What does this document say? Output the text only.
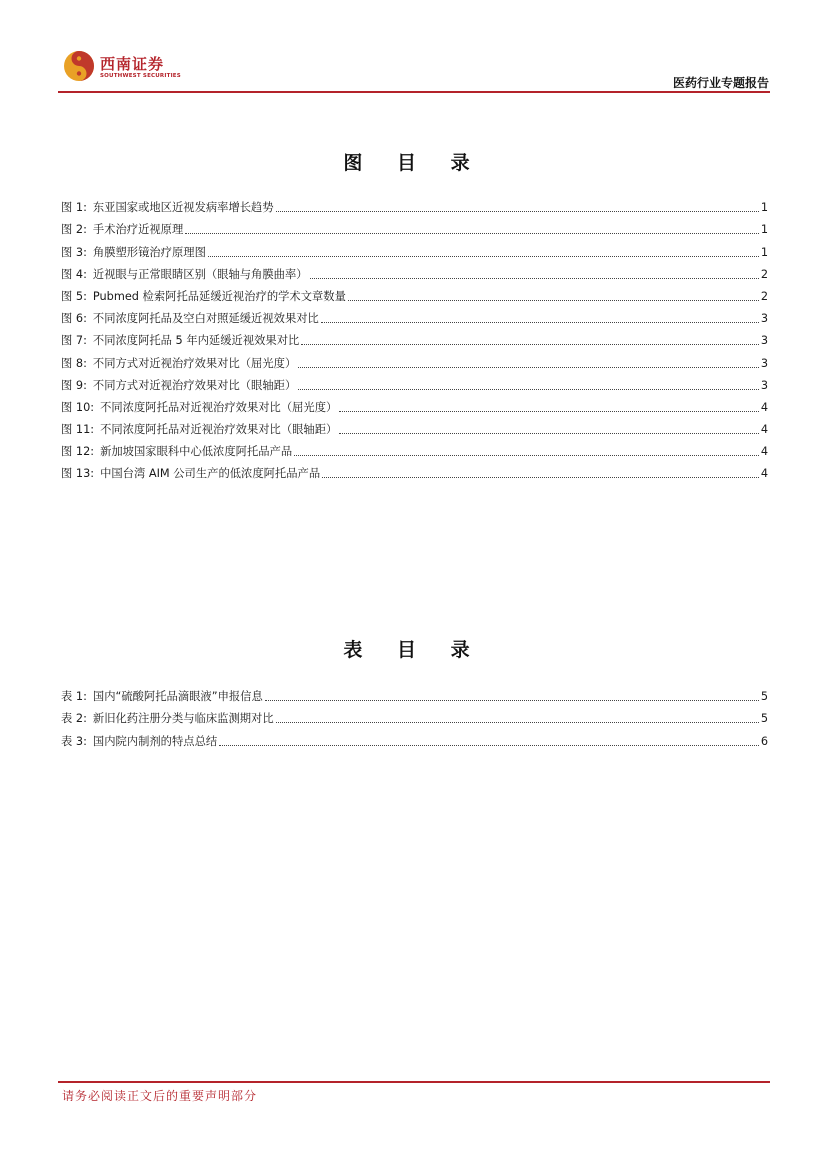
西南证券
SOUTHWEST SECURITIES	医药行业专题报告
图 目 录
图 1: 东亚国家或地区近视发病率增长趋势	1
图 2: 手术治疗近视原理	1
图 3: 角膜塑形镜治疗原理图	1
图 4: 近视眼与正常眼睛区别（眼轴与角膜曲率）	2
图 5: Pubmed 检索阿托品延缓近视治疗的学术文章数量	2
图 6: 不同浓度阿托品及空白对照延缓近视效果对比	3
图 7: 不同浓度阿托品 5 年内延缓近视效果对比	3
图 8: 不同方式对近视治疗效果对比（屈光度）	3
图 9: 不同方式对近视治疗效果对比（眼轴距）	3
图 10: 不同浓度阿托品对近视治疗效果对比（屈光度）	4
图 11: 不同浓度阿托品对近视治疗效果对比（眼轴距）	4
图 12: 新加坡国家眼科中心低浓度阿托品产品	4
图 13: 中国台湾 AIM 公司生产的低浓度阿托品产品	4
表 目 录
表 1: 国内“硫酸阿托品滴眼液”申报信息	5
表 2: 新旧化药注册分类与临床监测期对比	5
表 3: 国内院内制剂的特点总结	6
请务必阅读正文后的重要声明部分
